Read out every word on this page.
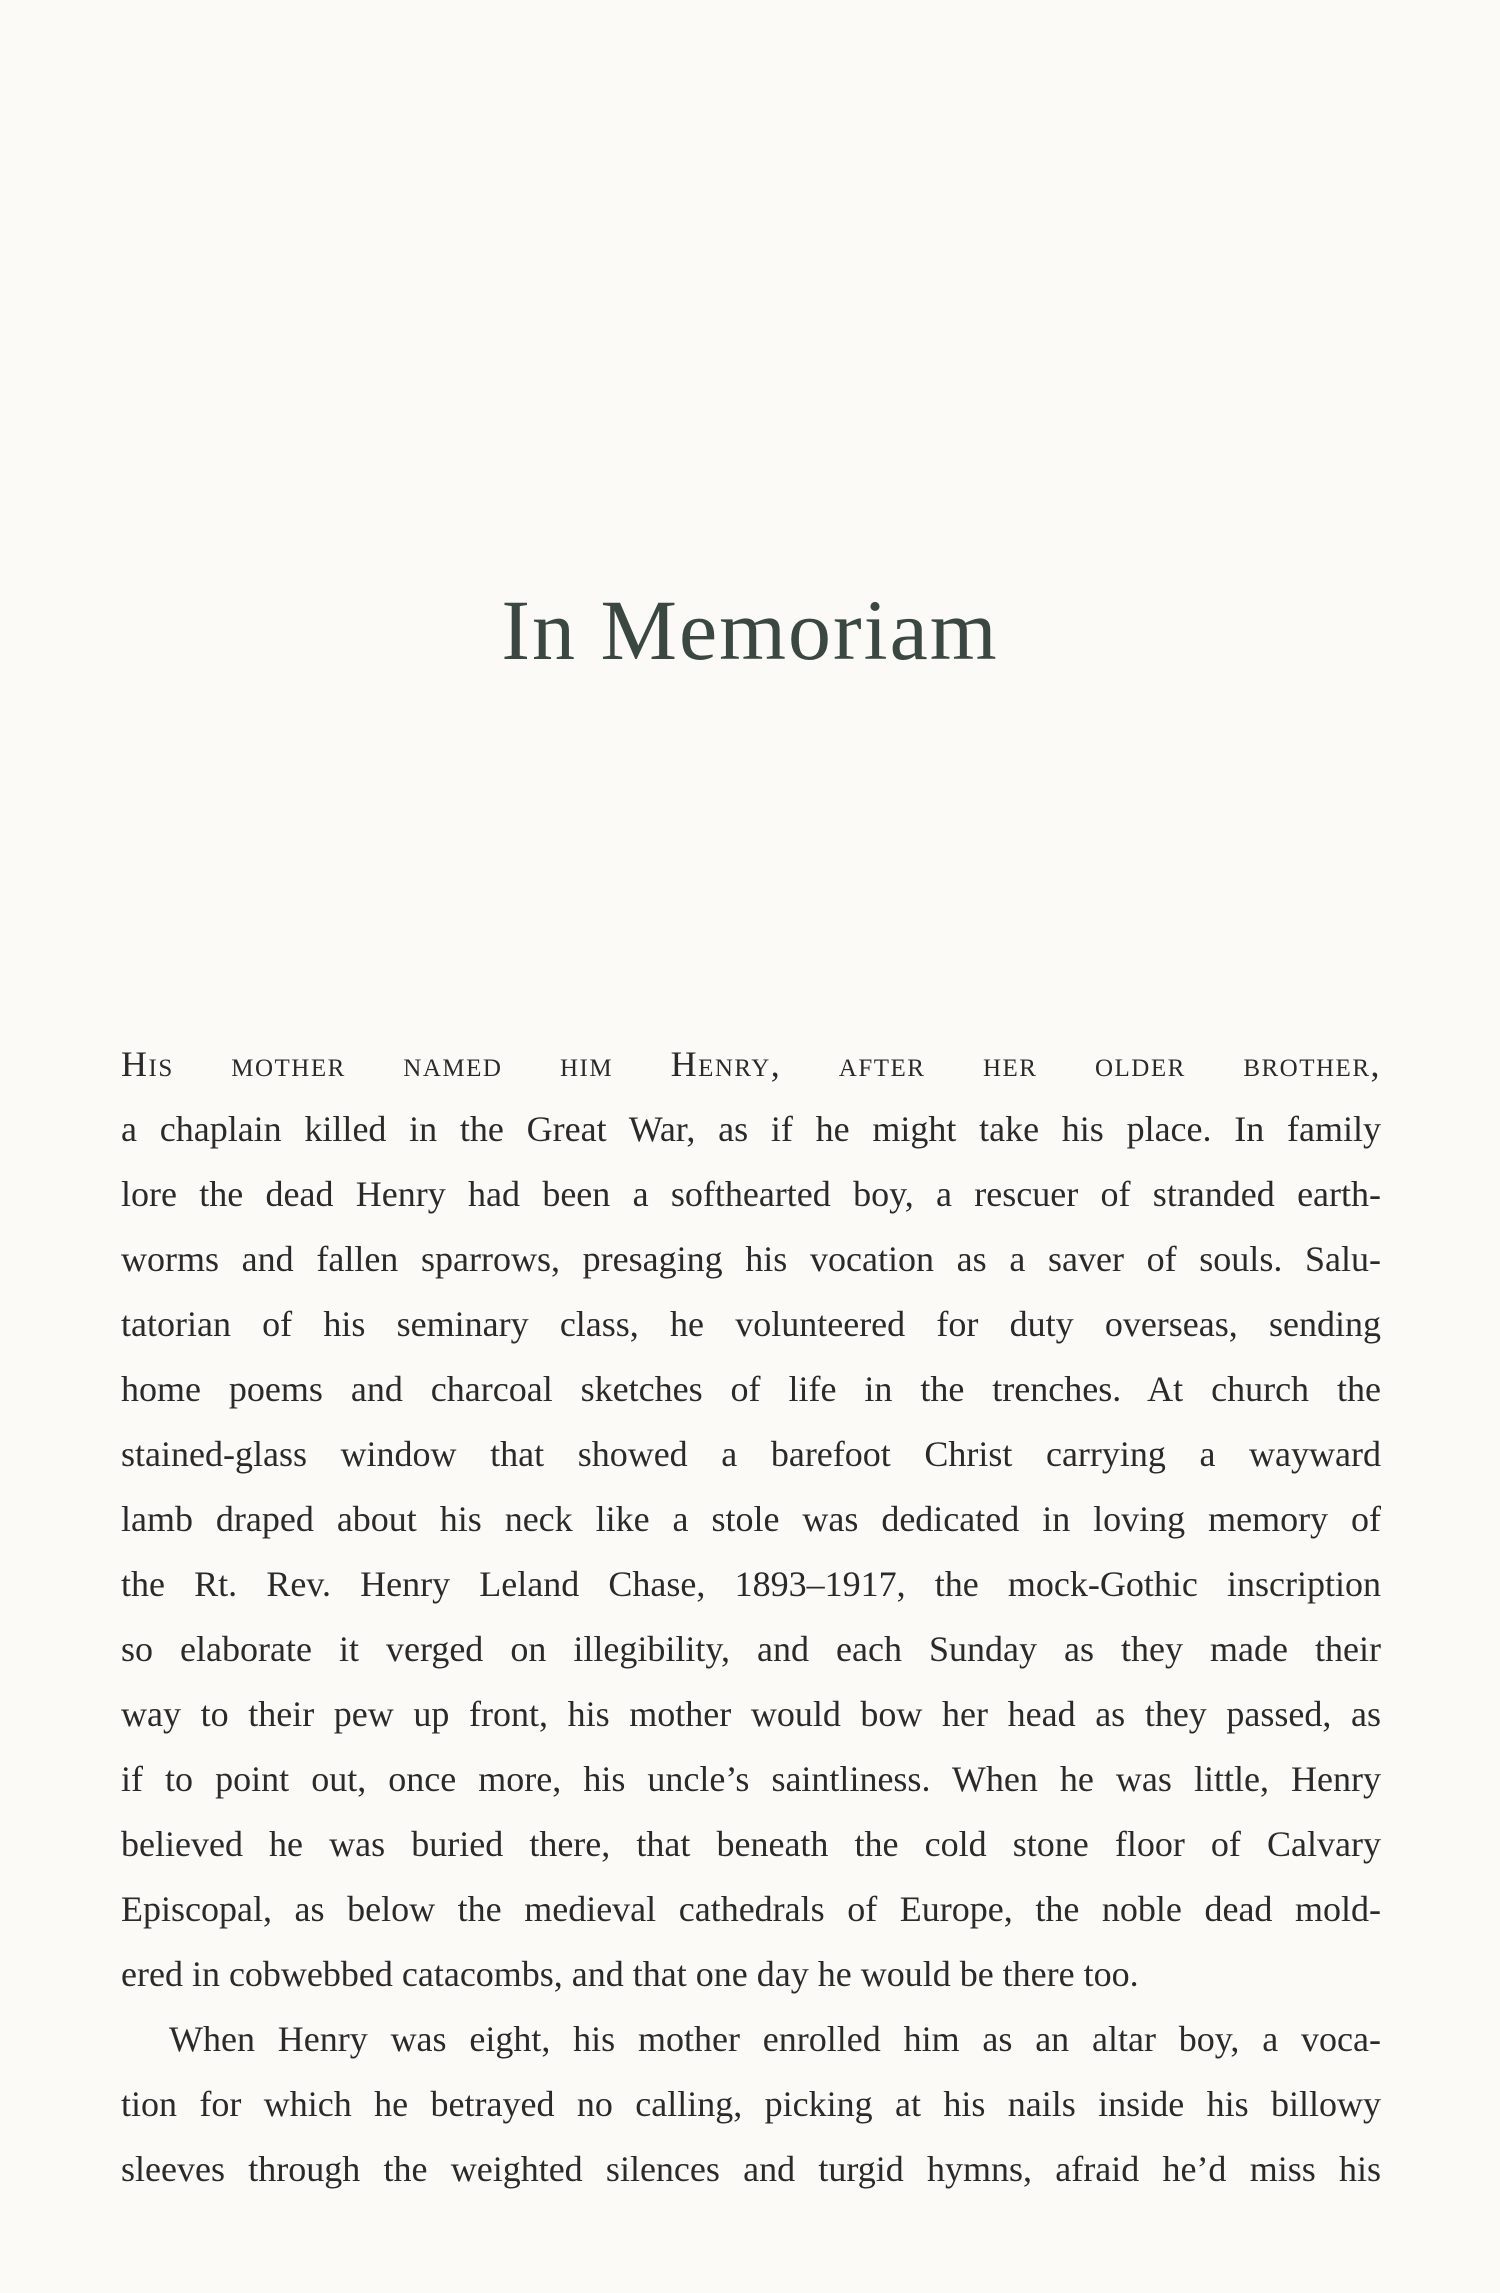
In Memoriam
His mother named him Henry, after her older brother,
a chaplain killed in the Great War, as if he might take his place. In family
lore the dead Henry had been a softhearted boy, a rescuer of stranded earth-
worms and fallen sparrows, presaging his vocation as a saver of souls. Salu-
tatorian of his seminary class, he volunteered for duty overseas, sending
home poems and charcoal sketches of life in the trenches. At church the
stained-glass window that showed a barefoot Christ carrying a wayward
lamb draped about his neck like a stole was dedicated in loving memory of
the Rt. Rev. Henry Leland Chase, 1893–1917, the mock-Gothic inscription
so elaborate it verged on illegibility, and each Sunday as they made their
way to their pew up front, his mother would bow her head as they passed, as
if to point out, once more, his uncle’s saintliness. When he was little, Henry
believed he was buried there, that beneath the cold stone floor of Calvary
Episcopal, as below the medieval cathedrals of Europe, the noble dead mold-
ered in cobwebbed catacombs, and that one day he would be there too.
When Henry was eight, his mother enrolled him as an altar boy, a voca-
tion for which he betrayed no calling, picking at his nails inside his billowy
sleeves through the weighted silences and turgid hymns, afraid he’d miss his
